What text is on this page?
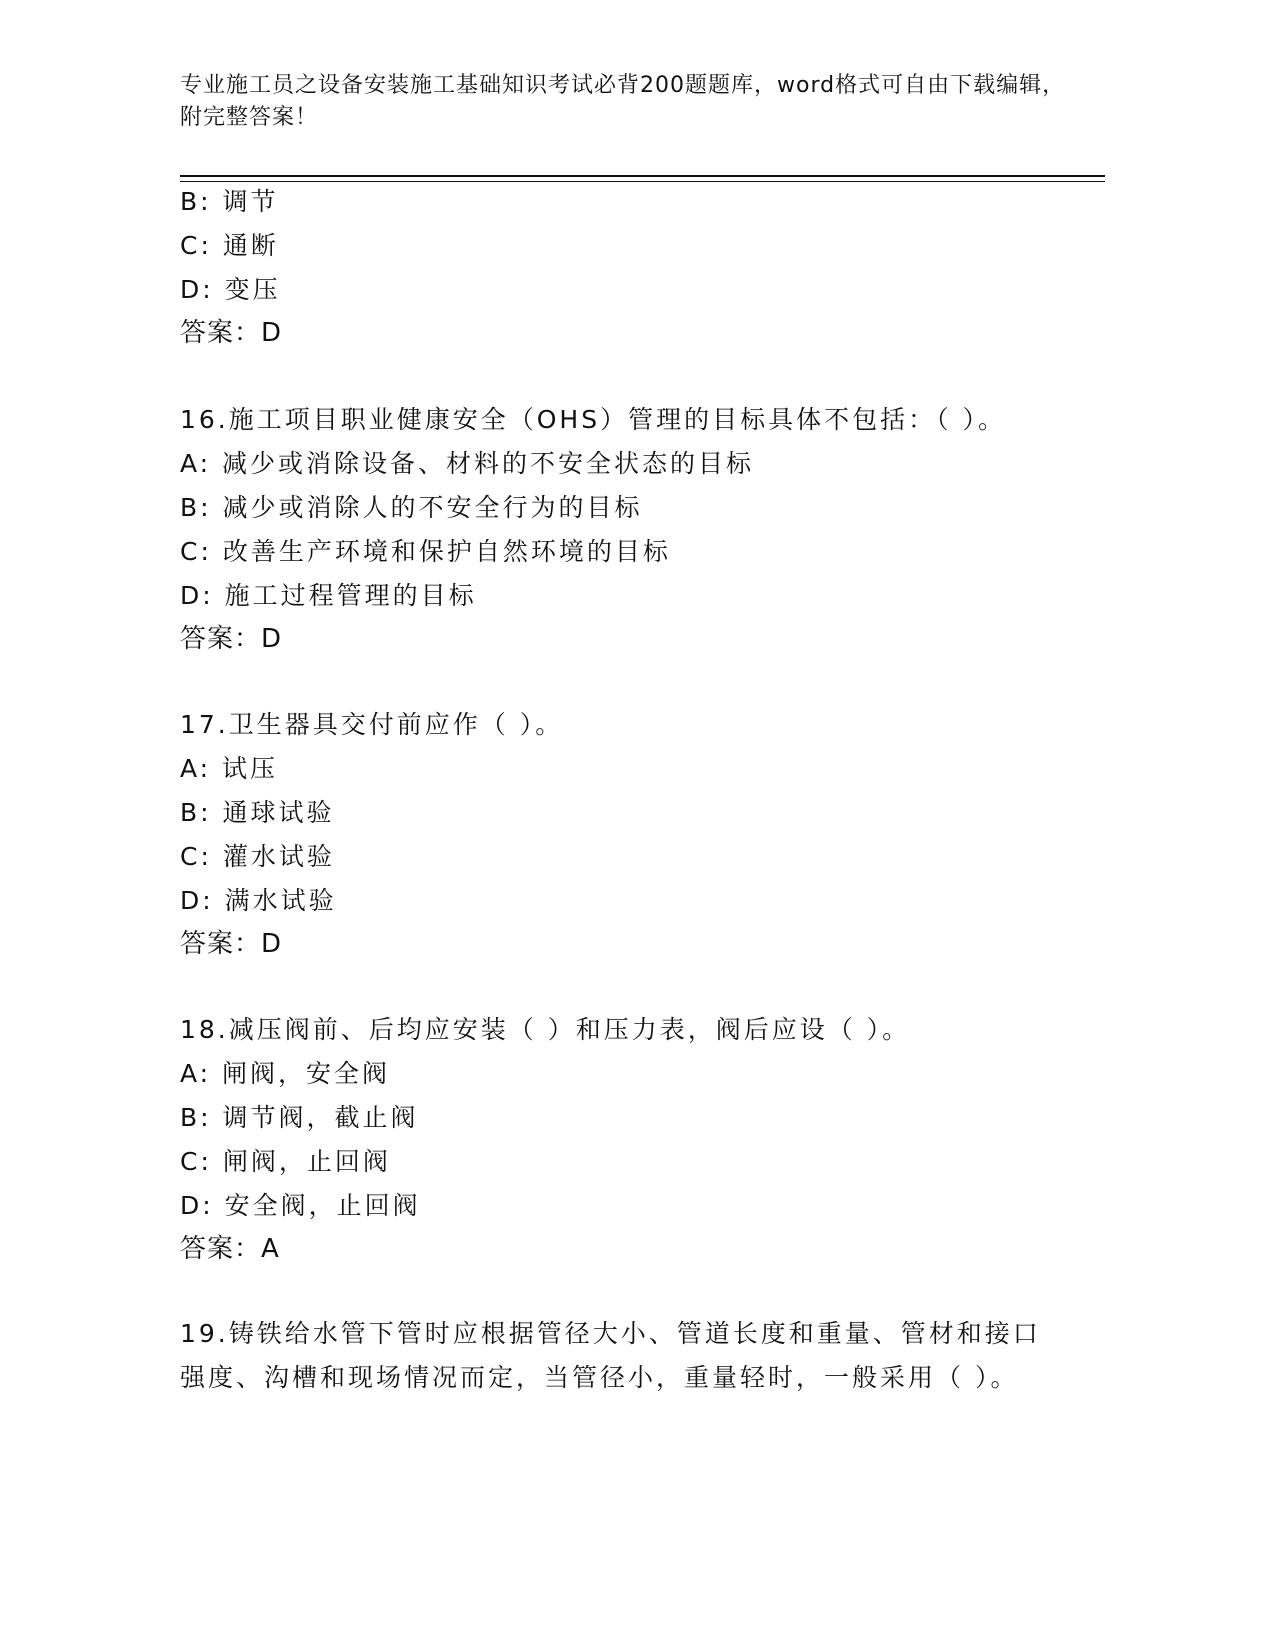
专业施工员之设备安装施工基础知识考试必背200题题库，word格式可自由下载编辑，附完整答案！
B: 调节
C: 通断
D: 变压
答案：D
16.施工项目职业健康安全（OHS）管理的目标具体不包括：（ ）。
A: 减少或消除设备、材料的不安全状态的目标
B: 减少或消除人的不安全行为的目标
C: 改善生产环境和保护自然环境的目标
D: 施工过程管理的目标
答案：D
17.卫生器具交付前应作（ ）。
A: 试压
B: 通球试验
C: 灌水试验
D: 满水试验
答案：D
18.减压阀前、后均应安装（ ）和压力表，阀后应设（ ）。
A: 闸阀，安全阀
B: 调节阀，截止阀
C: 闸阀，止回阀
D: 安全阀，止回阀
答案：A
19.铸铁给水管下管时应根据管径大小、管道长度和重量、管材和接口强度、沟槽和现场情况而定，当管径小，重量轻时，一般采用（ ）。
